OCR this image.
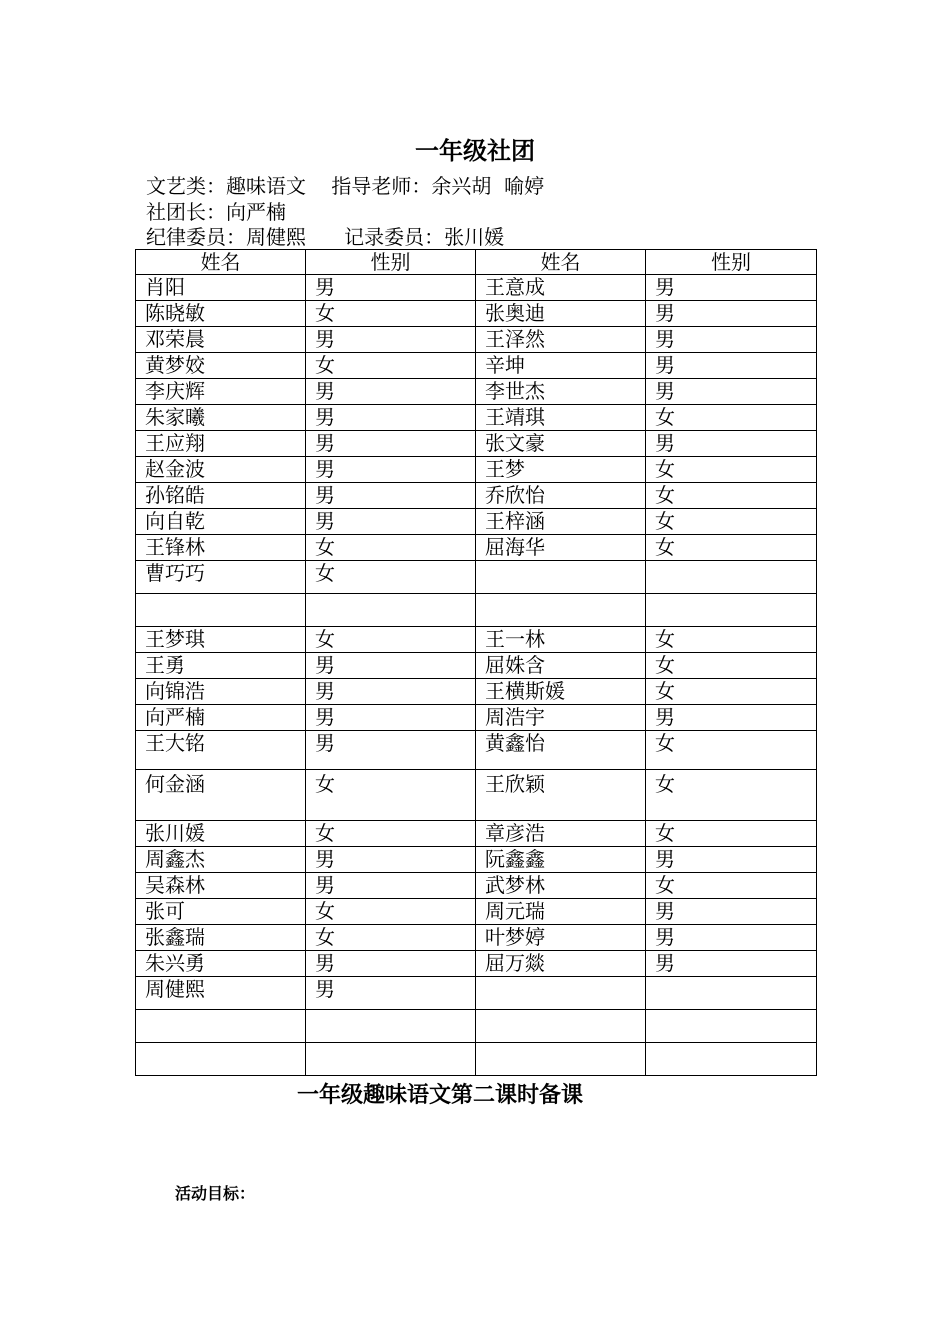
一年级社团
文艺类：趣味语文    指导老师：余兴胡  喻婷
社团长：向严楠
纪律委员：周健熙      记录委员：张川媛
姓名	性别	姓名	性别
肖阳	男	王意成	男
陈晓敏	女	张奥迪	男
邓荣晨	男	王泽然	男
黄梦姣	女	辛坤	男
李庆辉	男	李世杰	男
朱家曦	男	王靖琪	女
王应翔	男	张文豪	男
赵金波	男	王梦	女
孙铭皓	男	乔欣怡	女
向自乾	男	王梓涵	女
王锋林	女	屈海华	女
曹巧巧	女		

王梦琪	女	王一林	女
王勇	男	屈姝含	女
向锦浩	男	王横斯媛	女
向严楠	男	周浩宇	男
王大铭	男	黄鑫怡	女
何金涵	女	王欣颖	女
张川媛	女	章彦浩	女
周鑫杰	男	阮鑫鑫	男
吴森林	男	武梦林	女
张可	女	周元瑞	男
张鑫瑞	女	叶梦婷	男
朱兴勇	男	屈万燚	男
周健熙	男		

一年级趣味语文第二课时备课
活动目标：
